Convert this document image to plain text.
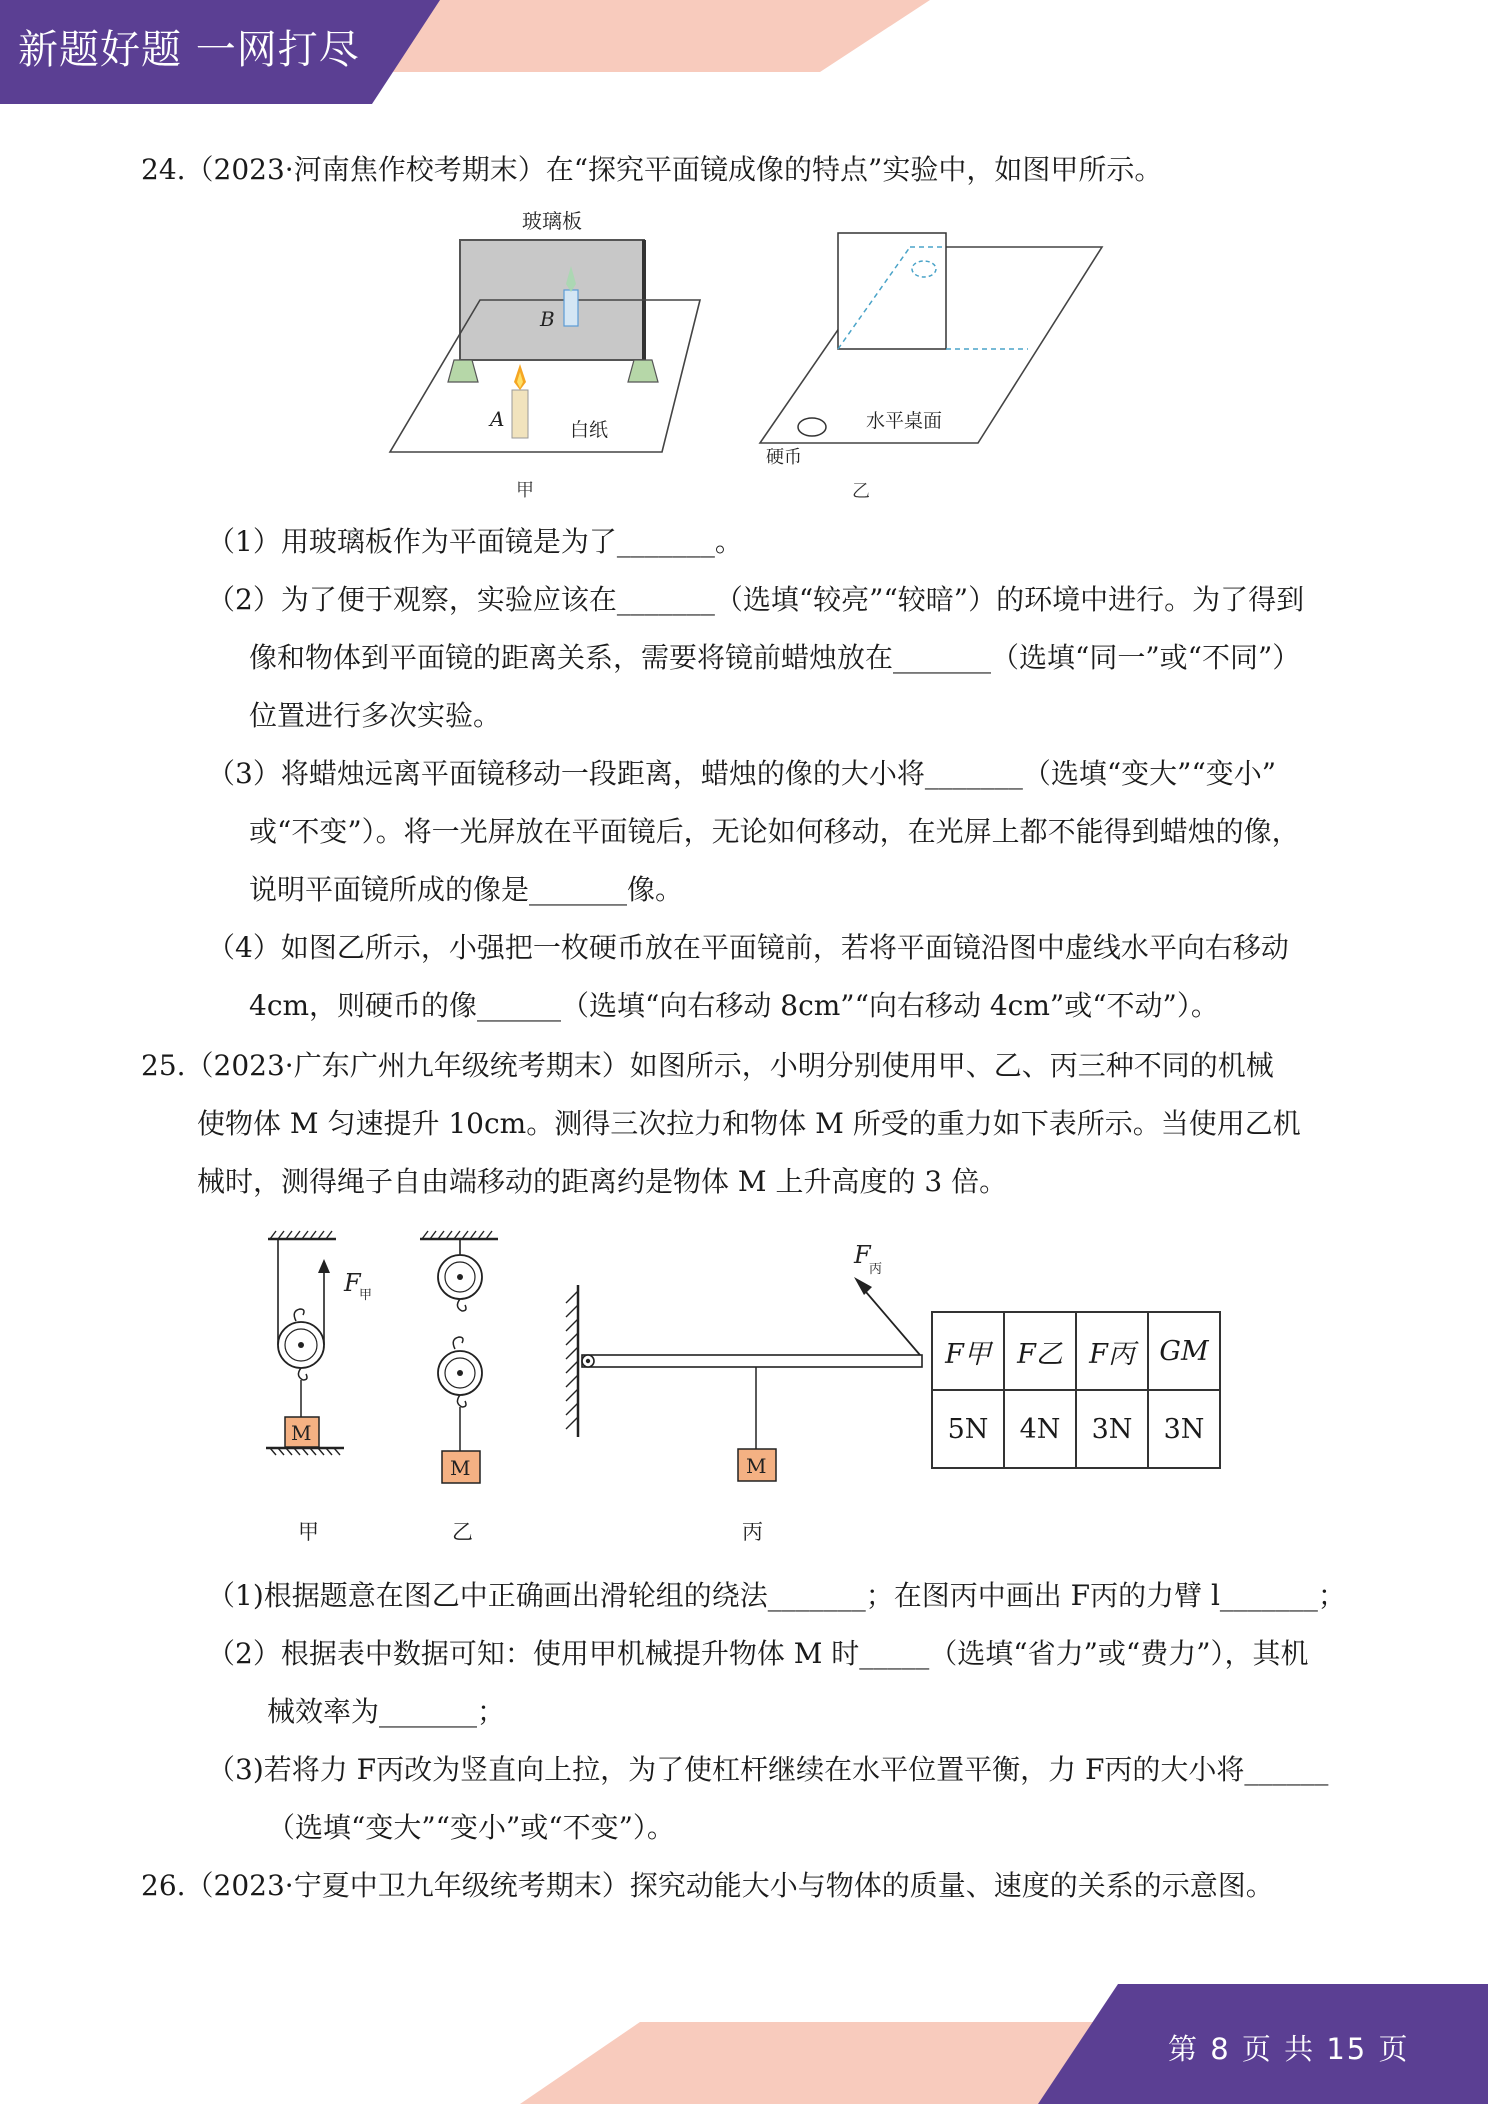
新题好题 一网打尽
24.（2023·河南焦作校考期末）在“探究平面镜成像的特点”实验中，如图甲所示。
玻璃板
B
A	白纸
甲
水平桌面
硬币
乙
（1）用玻璃板作为平面镜是为了_______。
（2）为了便于观察，实验应该在_______（选填“较亮”“较暗”）的环境中进行。为了得到
像和物体到平面镜的距离关系，需要将镜前蜡烛放在_______（选填“同一”或“不同”）
位置进行多次实验。
（3）将蜡烛远离平面镜移动一段距离，蜡烛的像的大小将_______（选填“变大”“变小”
或“不变”）。将一光屏放在平面镜后，无论如何移动，在光屏上都不能得到蜡烛的像，
说明平面镜所成的像是_______像。
（4）如图乙所示，小强把一枚硬币放在平面镜前，若将平面镜沿图中虚线水平向右移动
4cm，则硬币的像______（选填“向右移动 8cm”“向右移动 4cm”或“不动”）。
25.（2023·广东广州九年级统考期末）如图所示，小明分别使用甲、乙、丙三种不同的机械
使物体 M 匀速提升 10cm。测得三次拉力和物体 M 所受的重力如下表所示。当使用乙机
械时，测得绳子自由端移动的距离约是物体 M 上升高度的 3 倍。
F
甲
M
甲
M
乙
M
F
丙
丙
F甲	F乙	F丙	GM
5N	4N	3N	3N
（1)根据题意在图乙中正确画出滑轮组的绕法_______；在图丙中画出 F丙的力臂 l_______；
（2）根据表中数据可知：使用甲机械提升物体 M 时_____（选填“省力”或“费力”），其机
械效率为_______；
（3)若将力 F丙改为竖直向上拉，为了使杠杆继续在水平位置平衡，力 F丙的大小将______
（选填“变大”“变小”或“不变”）。
26.（2023·宁夏中卫九年级统考期末）探究动能大小与物体的质量、速度的关系的示意图。
第 8 页 共 15 页
